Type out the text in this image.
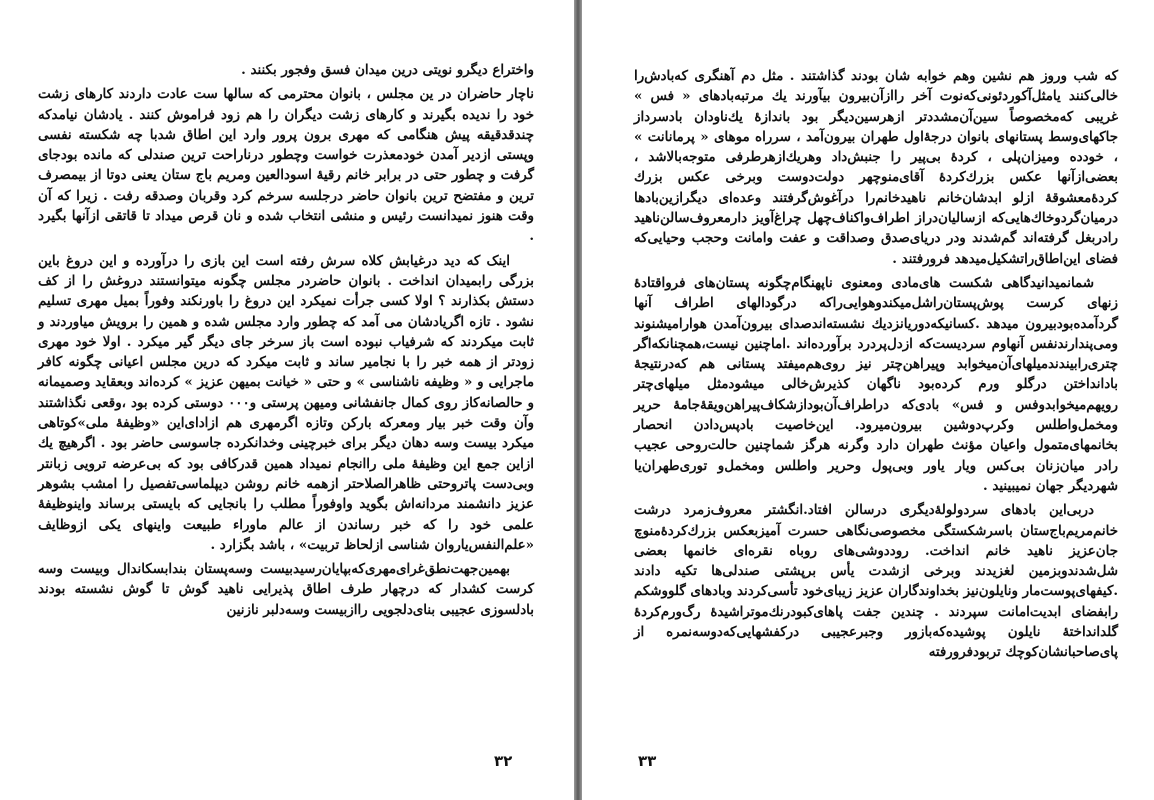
واختراع دیگرو نویتی درین میدان فسق وفجور بکنند .

ناچار حاضران در ین مجلس ، بانوان محترمی که سالها ست عادت داردند کارهای زشت خود را ندیده بگیرند و کارهای زشت دیگران را هم زود فراموش کنند . یادشان نیامدکه چندقدقیقه پیش هنگامی که مهری برون پرور وارد این اطاق شدبا چه شکسته نفسی وپستی ازدیر آمدن خودمعذرت خواست وچطور درناراحت ترین صندلی که مانده بودجای گرفت و چطور حتی در برابر خانم رقیهٔ اسودالعین ومریم باج ستان یعنی دوتا از بیمصرف ترین و مفتضح ترین بانوان حاضر درجلسه سرخم کرد وقربان وصدقه رفت . زیرا که آن وقت هنوز نمیدانست رئیس و منشی انتخاب شده و نان قرص میداد تا قاتقی ازآنها بگیرد .

اینک که دید درغیابش کلاه سرش رفته است این بازی را درآورده و این دروغ باین بزرگی رابمیدان انداخت . بانوان حاضردر مجلس چگونه میتوانستند دروغش را از کف دستش بکذارند ؟ اولا کسی جرأت نمیکرد این دروغ را باورنکند وفوراً بمیل مهری تسلیم نشود . تازه اگریادشان می آمد که چطور وارد مجلس شده و همین را برویش میاوردند و ثابت میکردند که شرفیاب نبوده است باز سرخر جای دیگر گیر میکرد . اولا خود مهری زودتر از همه خبر را با نجامیر ساند و ثابت میکرد که درین مجلس اعیانی چگونه کافر ماجرایی و « وظیفه ناشناسی » و حتی « خیانت بمیهن عزیز » کرده‌اند وبعقاید وصمیمانه و حالصانه‌کاز روی کمال جانفشانی ومیهن پرستی و۰۰۰ دوستی کرده بود ،وقعی نگذاشتند وآن وقت خبر بیار ومعرکه بارکن وتازه اگرمهری هم ازادای‌این «وظیفهٔ ملی»کوتاهی میکرد بیست وسه دهان دیگر برای خبرچینی وخدانکرده جاسوسی حاضر بود . اگرهیچ یك ازاین جمع این وظیفهٔ ملی راانجام نمیداد همین قدرکافی بود که بی‌عرضه ترویی زبانتر وبی‌دست پاتروحتی ظاهرالصلاحتر ازهمه خانم روشن دیپلماسی‌تفصیل را امشب بشوهر عزیز دانشمند مردانه‌اش بگوید واوفوراً مطلب را بانجایی که بایستی برساند واینوظیفهٔ علمی خود را که خبر رساندن از عالم ماوراء طبیعت واینهای یکی ازوظایف «علم‌النفس‌یاروان شناسی ازلحاظ تربیت» ، باشد بگزارد .

بهمین‌جهت‌نطق‌غرای‌مهری‌که‌بپایان‌رسیدبیست وسه‌پستان بندابسکاندال وبیست وسه کرست کشدار که درچهار طرف اطاق پذیرایی ناهید گوش تا گوش نشسته بودند بادلسوزی عجیبی بنای‌دلجویی راازبیست وسه‌دلبر نازنین

۳۲

که شب وروز هم نشین وهم خوابه شان بودند گذاشتند . مثل دم آهنگری که‌بادش‌را خالی‌کنند یامثل‌آکوردئونی‌که‌نوت آخر راازآن‌بیرون بیآورند یك مرتبه‌بادهای « فس » غریبی که‌مخصوصاً سین‌آن‌مشددتر ازهرسین‌دیگر بود باندازهٔ یك‌ناودان بادسرداز جاکهای‌وسط پستانهای بانوان درجهٔ‌اول طهران بیرون‌آمد ، سرراه موهای « پرمانانت » ، خودده ومیزان‌پلی ، کردهٔ بی‌پیر را جنبش‌داد وهریك‌ازهرطرفی متوجه‌بالاشد ، بعضی‌ازآنها عکس بزرك‌کردهٔ آقای‌منوچهر دولت‌دوست وبرخی عکس بزرك کردهٔ‌معشوقهٔ ازلو ابدشان‌خانم ناهیدخانم‌را درآغوش‌گرفتند وعده‌ای دیگرازین‌بادها درمیان‌گردوخاك‌هایی‌که ازسالیان‌دراز اطراف‌واکناف‌چهل چراغ‌آویز دارمعروف‌سالن‌ناهید رادربغل گرفته‌اند گم‌شدند ودر دریای‌صدق وصداقت و عفت وامانت وحجب وحیایی‌که فضای این‌اطاق‌راتشکیل‌میدهد فرورفتند .

شمانمیدانیدگاهی شکست های‌مادی ومعنوی ناپهنگام‌چگونه پستان‌های فرواقتادهٔ زنهای کرست پوش‌پستان‌راشل‌میکندوهوایی‌راکه درگودالهای اطراف آنها گردآمده‌بودبیرون میدهد .کسانیکه‌دوریانزدیك نشسته‌اندصدای بیرون‌آمدن هوارامیشنوند ومی‌پندارندنفس آنهاوم سردیست‌که ازدل‌پردرد برآورده‌اند .اماچنین نیست،همچنانکه‌اگر چتری‌رابیندندمیلهای‌آن‌میخوابد وپیراهن‌چتر نیز روی‌هم‌میفتد پستانی هم که‌درنتیجهٔ بادانداختن درگلو ورم کرده‌بود ناگهان کذیرش‌خالی میشودمثل میلهای‌چتر رویهم‌میخوابدوفس و فس» بادی‌که دراطراف‌آن‌بوداز‌شکاف‌پیراهن‌ویقهٔ‌جامهٔ حریر ومخمل‌واطلس وکرپ‌دوشین بیرون‌میرود. این‌خاصیت بادپس‌دادن انحصار بخانمهای‌متمول واعیان مؤنث طهران دارد وگرنه هرگز شماچنین حالت‌روحی عجیب رادر میان‌زنان بی‌کس ویار یاور وبی‌پول وحریر واطلس ومخمل‌و توری‌طهران‌یا شهردیگر جهان نمیبینید .

دربی‌این بادهای سردولولهٔ‌دیگری درسالن افتاد.انگشتر معروف‌زمرد درشت خانم‌مریم‌باج‌ستان باسرشکستگی مخصوصی‌نگاهی حسرت آمیزبعکس بزرك‌کردهٔ‌منوچ جان‌عزیز ناهید خانم انداخت. روددوشی‌های روباه نقره‌ای خانمها بعضی شل‌شدندوبزمین لغزیدند وبرخی ازشدت یأس برپشتی صندلی‌ها تکیه دادند .کیفهای‌پوست‌مار ونایلون‌نیز بخداوندگاران عزیز زیبای‌خود تأسی‌کردند وبادهای گلووشکم رابفضای ابدیت‌امانت سپردند . چندین جفت پاهای‌کبودرنك‌موتراشیدهٔ رگ‌ورم‌کردهٔ گلدانداختهٔ نایلون پوشیده‌که‌بازور وجبرعجیبی درکفشهایی‌که‌دوسه‌نمره از پای‌صاحبانشان‌کوچك تربودفرورفته

۳۳
